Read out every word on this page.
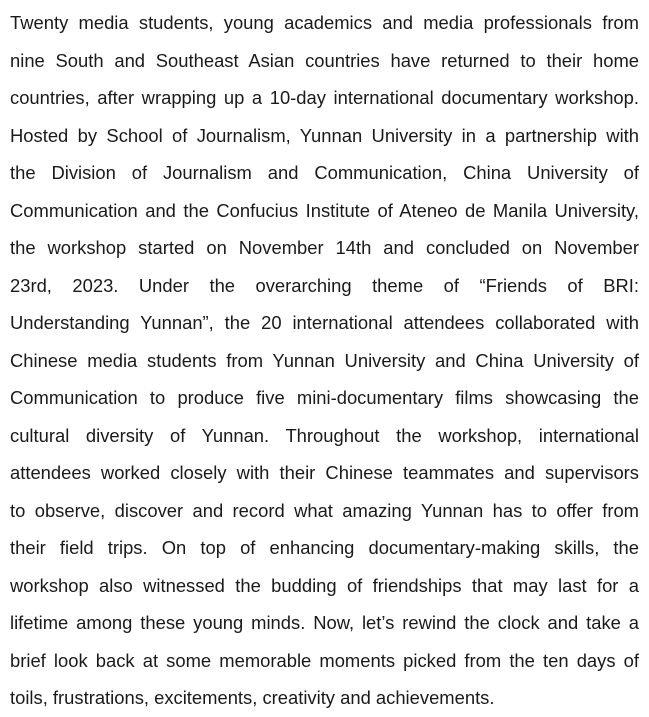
Twenty media students, young academics and media professionals from
nine South and Southeast Asian countries have returned to their home
countries, after wrapping up a 10-day international documentary workshop.
Hosted by School of Journalism, Yunnan University in a partnership with
the Division of Journalism and Communication, China University of
Communication and the Confucius Institute of Ateneo de Manila University,
the workshop started on November 14th and concluded on November
23rd, 2023. Under the overarching theme of “Friends of BRI:
Understanding Yunnan”, the 20 international attendees collaborated with
Chinese media students from Yunnan University and China University of
Communication to produce five mini-documentary films showcasing the
cultural diversity of Yunnan. Throughout the workshop, international
attendees worked closely with their Chinese teammates and supervisors
to observe, discover and record what amazing Yunnan has to offer from
their field trips. On top of enhancing documentary-making skills, the
workshop also witnessed the budding of friendships that may last for a
lifetime among these young minds. Now, let’s rewind the clock and take a
brief look back at some memorable moments picked from the ten days of
toils, frustrations, excitements, creativity and achievements.
